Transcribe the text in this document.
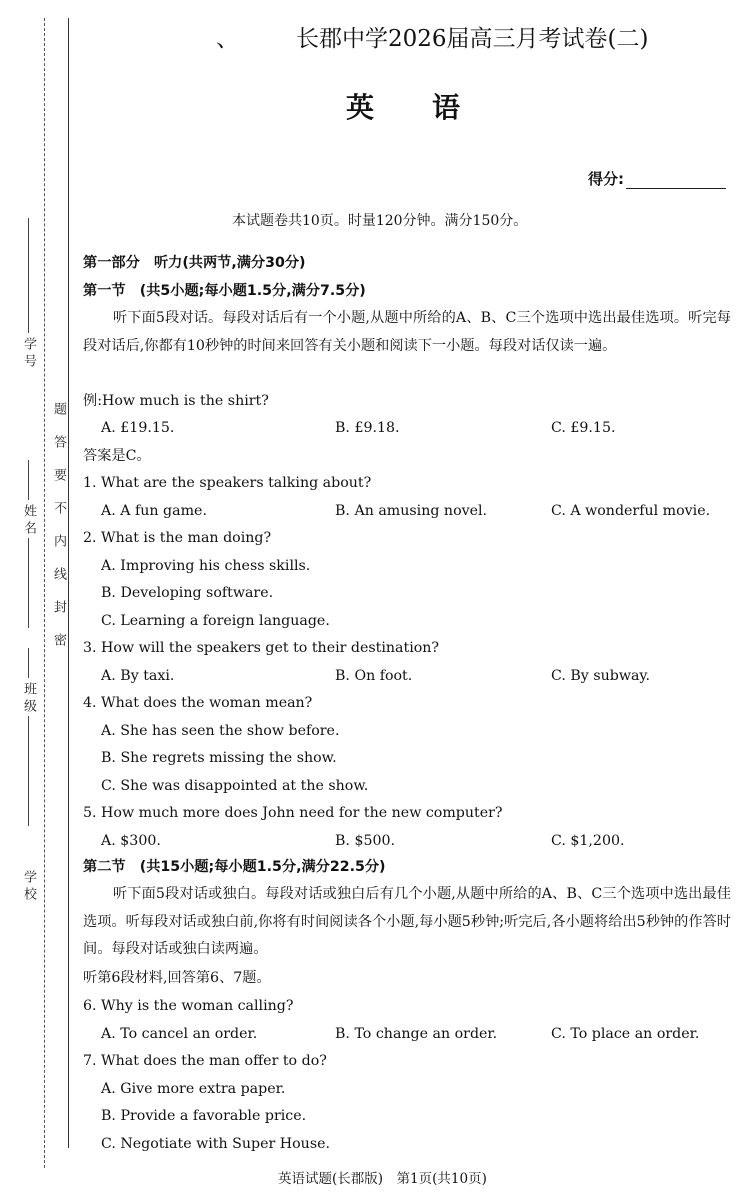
学 号
姓 名
班 级
学 校
题答要不内线封密
、 长郡中学2026届高三月考试卷(二)
英语
得分:
本试题卷共10页。时量120分钟。满分150分。
第一部分　听力(共两节,满分30分)
第一节　(共5小题;每小题1.5分,满分7.5分)
听下面5段对话。每段对话后有一个小题,从题中所给的A、B、C三个选项中选出最佳选项。听完每段对话后,你都有10秒钟的时间来回答有关小题和阅读下一小题。每段对话仅读一遍。
例:How much is the shirt?
A. £19.15.	B. £9.18.	C. £9.15.
答案是C。
1. What are the speakers talking about?
A. A fun game.	B. An amusing novel.	C. A wonderful movie.
2. What is the man doing?
A. Improving his chess skills.
B. Developing software.
C. Learning a foreign language.
3. How will the speakers get to their destination?
A. By taxi.	B. On foot.	C. By subway.
4. What does the woman mean?
A. She has seen the show before.
B. She regrets missing the show.
C. She was disappointed at the show.
5. How much more does John need for the new computer?
A. $300.	B. $500.	C. $1,200.
第二节　(共15小题;每小题1.5分,满分22.5分)
听下面5段对话或独白。每段对话或独白后有几个小题,从题中所给的A、B、C三个选项中选出最佳选项。听每段对话或独白前,你将有时间阅读各个小题,每小题5秒钟;听完后,各小题将给出5秒钟的作答时间。每段对话或独白读两遍。
听第6段材料,回答第6、7题。
6. Why is the woman calling?
A. To cancel an order.	B. To change an order.	C. To place an order.
7. What does the man offer to do?
A. Give more extra paper.
B. Provide a favorable price.
C. Negotiate with Super House.
英语试题(长郡版)　第1页(共10页)
